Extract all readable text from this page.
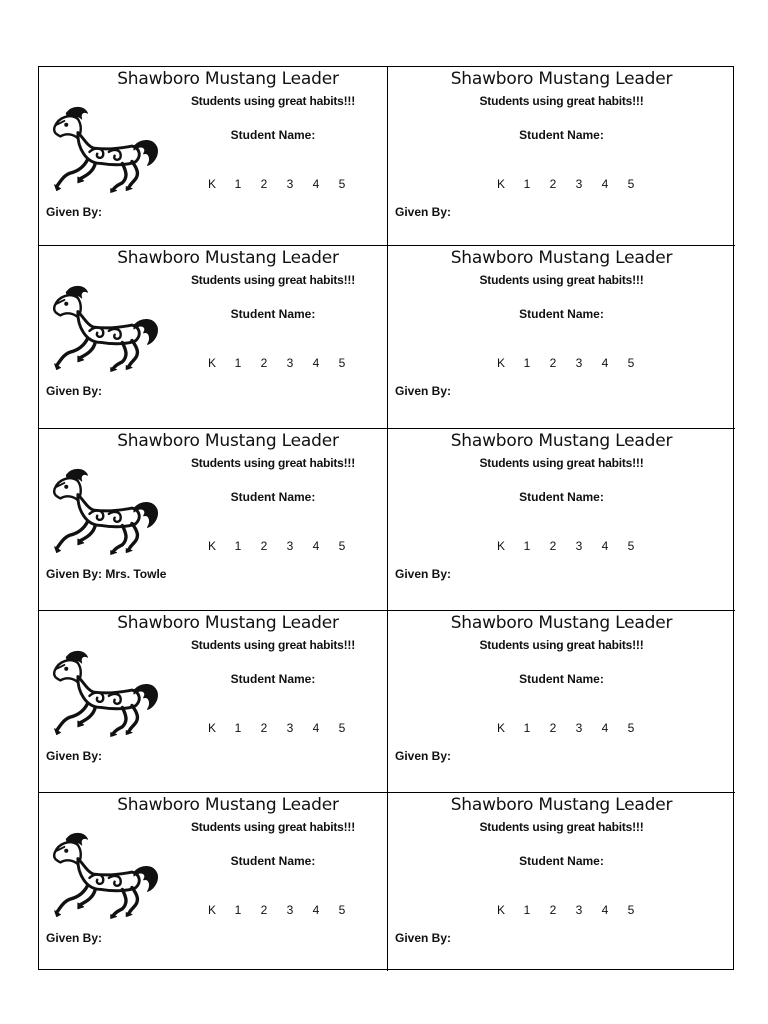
Shawboro Mustang Leader
Students using great habits!!!
Student Name:
K	1	2	3	4	5
Given By:
Shawboro Mustang Leader
Students using great habits!!!
Student Name:
K	1	2	3	4	5
Given By:
Shawboro Mustang Leader
Students using great habits!!!
Student Name:
K	1	2	3	4	5
Given By:
Shawboro Mustang Leader
Students using great habits!!!
Student Name:
K	1	2	3	4	5
Given By:
Shawboro Mustang Leader
Students using great habits!!!
Student Name:
K	1	2	3	4	5
Given By: Mrs. Towle
Shawboro Mustang Leader
Students using great habits!!!
Student Name:
K	1	2	3	4	5
Given By:
Shawboro Mustang Leader
Students using great habits!!!
Student Name:
K	1	2	3	4	5
Given By:
Shawboro Mustang Leader
Students using great habits!!!
Student Name:
K	1	2	3	4	5
Given By:
Shawboro Mustang Leader
Students using great habits!!!
Student Name:
K	1	2	3	4	5
Given By:
Shawboro Mustang Leader
Students using great habits!!!
Student Name:
K	1	2	3	4	5
Given By:
